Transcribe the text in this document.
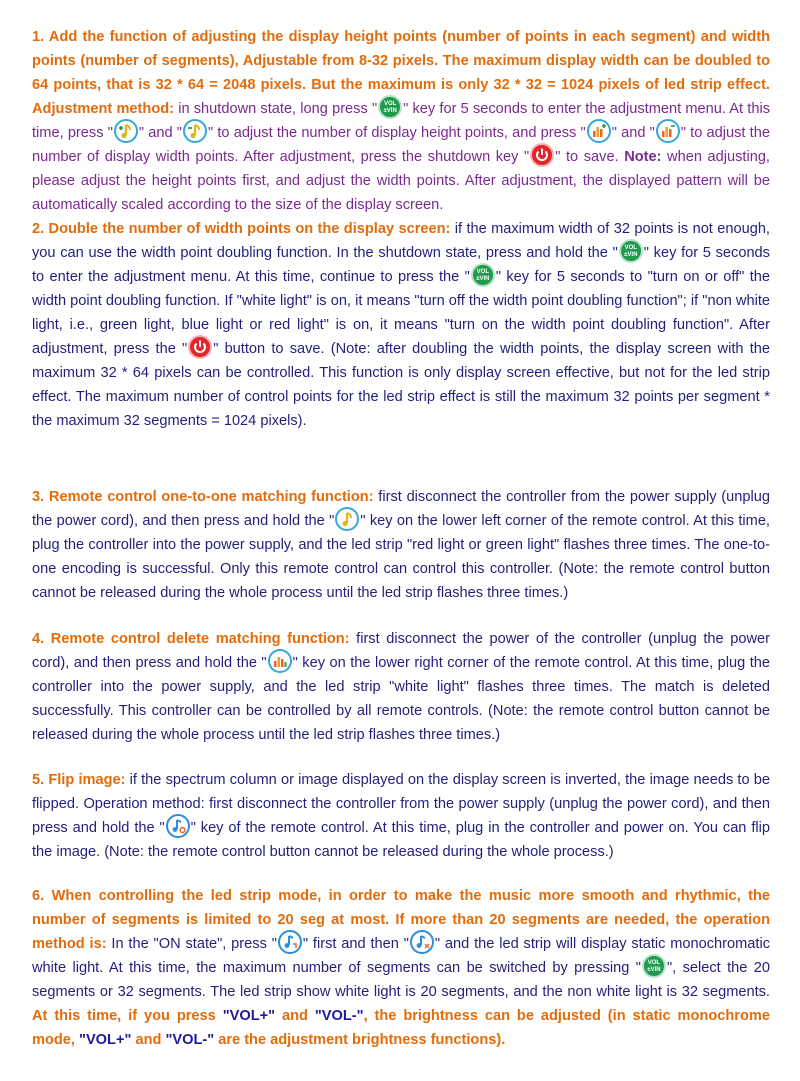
1. Add the function of adjusting the display height points (number of points in each segment) and width points (number of segments), Adjustable from 8-32 pixels. The maximum display width can be doubled to 64 points, that is 32 * 64 = 2048 pixels. But the maximum is only 32 * 32 = 1024 pixels of led strip effect. Adjustment method: in shutdown state, long press "	VOL
±VIN " key for 5 seconds to enter the adjustment menu. At this time, press " " and " " to adjust the number of display height points, and press " " and " " to adjust the number of display width points. After adjustment, press the shutdown key " " to save. Note: when adjusting, please adjust the height points first, and adjust the width points. After adjustment, the displayed pattern will be automatically scaled according to the size of the display screen.
2. Double the number of width points on the display screen: if the maximum width of 32 points is not enough, you can use the width point doubling function. In the shutdown state, press and hold the "	VOL
±VIN " key for 5 seconds to enter the adjustment menu. At this time, continue to press the "	VOL
±VIN " key for 5 seconds to "turn on or off" the width point doubling function. If "white light" is on, it means "turn off the width point doubling function"; if "non white light, i.e., green light, blue light or red light" is on, it means "turn on the width point doubling function". After adjustment, press the " " button to save. (Note: after doubling the width points, the display screen with the maximum 32 * 64 pixels can be controlled. This function is only display screen effective, but not for the led strip effect. The maximum number of control points for the led strip effect is still the maximum 32 points per segment * the maximum 32 segments = 1024 pixels).
3. Remote control one-to-one matching function: first disconnect the controller from the power supply (unplug the power cord), and then press and hold the " " key on the lower left corner of the remote control. At this time, plug the controller into the power supply, and the led strip "red light or green light" flashes three times. The one-to-one encoding is successful. Only this remote control can control this controller. (Note: the remote control button cannot be released during the whole process until the led strip flashes three times.)
4. Remote control delete matching function: first disconnect the power of the controller (unplug the power cord), and then press and hold the " " key on the lower right corner of the remote control. At this time, plug the controller into the power supply, and the led strip "white light" flashes three times. The match is deleted successfully. This controller can be controlled by all remote controls. (Note: the remote control button cannot be released during the whole process until the led strip flashes three times.)
5. Flip image: if the spectrum column or image displayed on the display screen is inverted, the image needs to be flipped. Operation method: first disconnect the controller from the power supply (unplug the power cord), and then press and hold the " " key of the remote control. At this time, plug in the controller and power on. You can flip the image. (Note: the remote control button cannot be released during the whole process.)
6. When controlling the led strip mode, in order to make the music more smooth and rhythmic, the number of segments is limited to 20 seg at most. If more than 20 segments are needed, the operation method is: In the "ON state", press " " first and then " " and the led strip will display static monochromatic white light. At this time, the maximum number of segments can be switched by pressing "	VOL
±VIN ", select the 20 segments or 32 segments. The led strip show white light is 20 segments, and the non white light is 32 segments. At this time, if you press "VOL+" and "VOL-", the brightness can be adjusted (in static monochrome mode, "VOL+" and "VOL-" are the adjustment brightness functions).
